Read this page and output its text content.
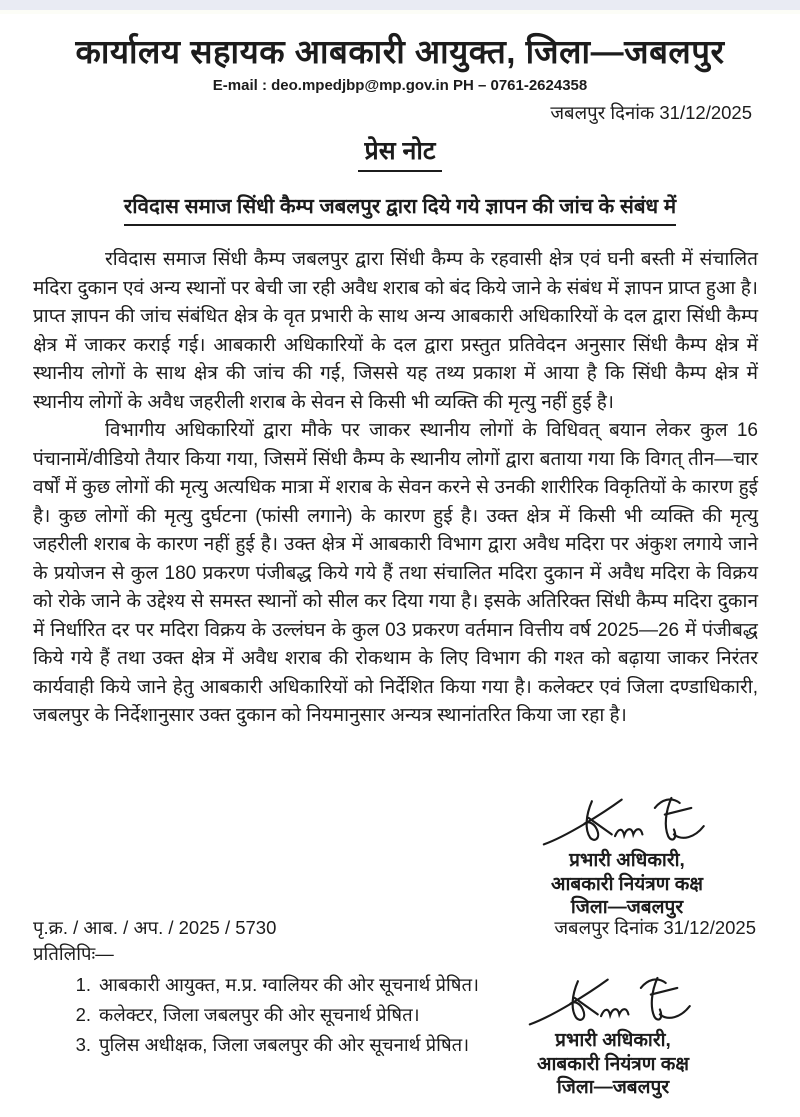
कार्यालय सहायक आबकारी आयुक्त, जिला—जबलपुर
E-mail : deo.mpedjbp@mp.gov.in PH – 0761-2624358
जबलपुर दिनांक 31/12/2025
प्रेस नोट
रविदास समाज सिंधी कैम्प जबलपुर द्वारा दिये गये ज्ञापन की जांच के संबंध में

रविदास समाज सिंधी कैम्प जबलपुर द्वारा सिंधी कैम्प के रहवासी क्षेत्र एवं घनी बस्ती में संचालित मदिरा दुकान एवं अन्य स्थानों पर बेची जा रही अवैध शराब को बंद किये जाने के संबंध में ज्ञापन प्राप्त हुआ है। प्राप्त ज्ञापन की जांच संबंधित क्षेत्र के वृत प्रभारी के साथ अन्य आबकारी अधिकारियों के दल द्वारा सिंधी कैम्प क्षेत्र में जाकर कराई गई। आबकारी अधिकारियों के दल द्वारा प्रस्तुत प्रतिवेदन अनुसार सिंधी कैम्प क्षेत्र में स्थानीय लोगों के साथ क्षेत्र की जांच की गई, जिससे यह तथ्य प्रकाश में आया है कि सिंधी कैम्प क्षेत्र में स्थानीय लोगों के अवैध जहरीली शराब के सेवन से किसी भी व्यक्ति की मृत्यु नहीं हुई है।

विभागीय अधिकारियों द्वारा मौके पर जाकर स्थानीय लोगों के विधिवत् बयान लेकर कुल 16 पंचानामें/वीडियो तैयार किया गया, जिसमें सिंधी कैम्प के स्थानीय लोगों द्वारा बताया गया कि विगत् तीन—चार वर्षों में कुछ लोगों की मृत्यु अत्यधिक मात्रा में शराब के सेवन करने से उनकी शारीरिक विकृतियों के कारण हुई है। कुछ लोगों की मृत्यु दुर्घटना (फांसी लगाने) के कारण हुई है। उक्त क्षेत्र में किसी भी व्यक्ति की मृत्यु जहरीली शराब के कारण नहीं हुई है। उक्त क्षेत्र में आबकारी विभाग द्वारा अवैध मदिरा पर अंकुश लगाये जाने के प्रयोजन से कुल 180 प्रकरण पंजीबद्ध किये गये हैं तथा संचालित मदिरा दुकान में अवैध मदिरा के विक्रय को रोके जाने के उद्देश्य से समस्त स्थानों को सील कर दिया गया है। इसके अतिरिक्त सिंधी कैम्प मदिरा दुकान में निर्धारित दर पर मदिरा विक्रय के उल्लंघन के कुल 03 प्रकरण वर्तमान वित्तीय वर्ष 2025—26 में पंजीबद्ध किये गये हैं तथा उक्त क्षेत्र में अवैध शराब की रोकथाम के लिए विभाग की गश्त को बढ़ाया जाकर निरंतर कार्यवाही किये जाने हेतु आबकारी अधिकारियों को निर्देशित किया गया है। कलेक्टर एवं जिला दण्डाधिकारी, जबलपुर के निर्देशानुसार उक्त दुकान को नियमानुसार अन्यत्र स्थानांतरित किया जा रहा है।

प्रभारी अधिकारी,
आबकारी नियंत्रण कक्ष
जिला—जबलपुर
पृ.क्र. / आब. / अप. / 2025 / 5730	जबलपुर दिनांक 31/12/2025
प्रतिलिपिः—
1. आबकारी आयुक्त, म.प्र. ग्वालियर की ओर सूचनार्थ प्रेषित।
2. कलेक्टर, जिला जबलपुर की ओर सूचनार्थ प्रेषित।
3. पुलिस अधीक्षक, जिला जबलपुर की ओर सूचनार्थ प्रेषित।	प्रभारी अधिकारी,
आबकारी नियंत्रण कक्ष
जिला—जबलपुर
